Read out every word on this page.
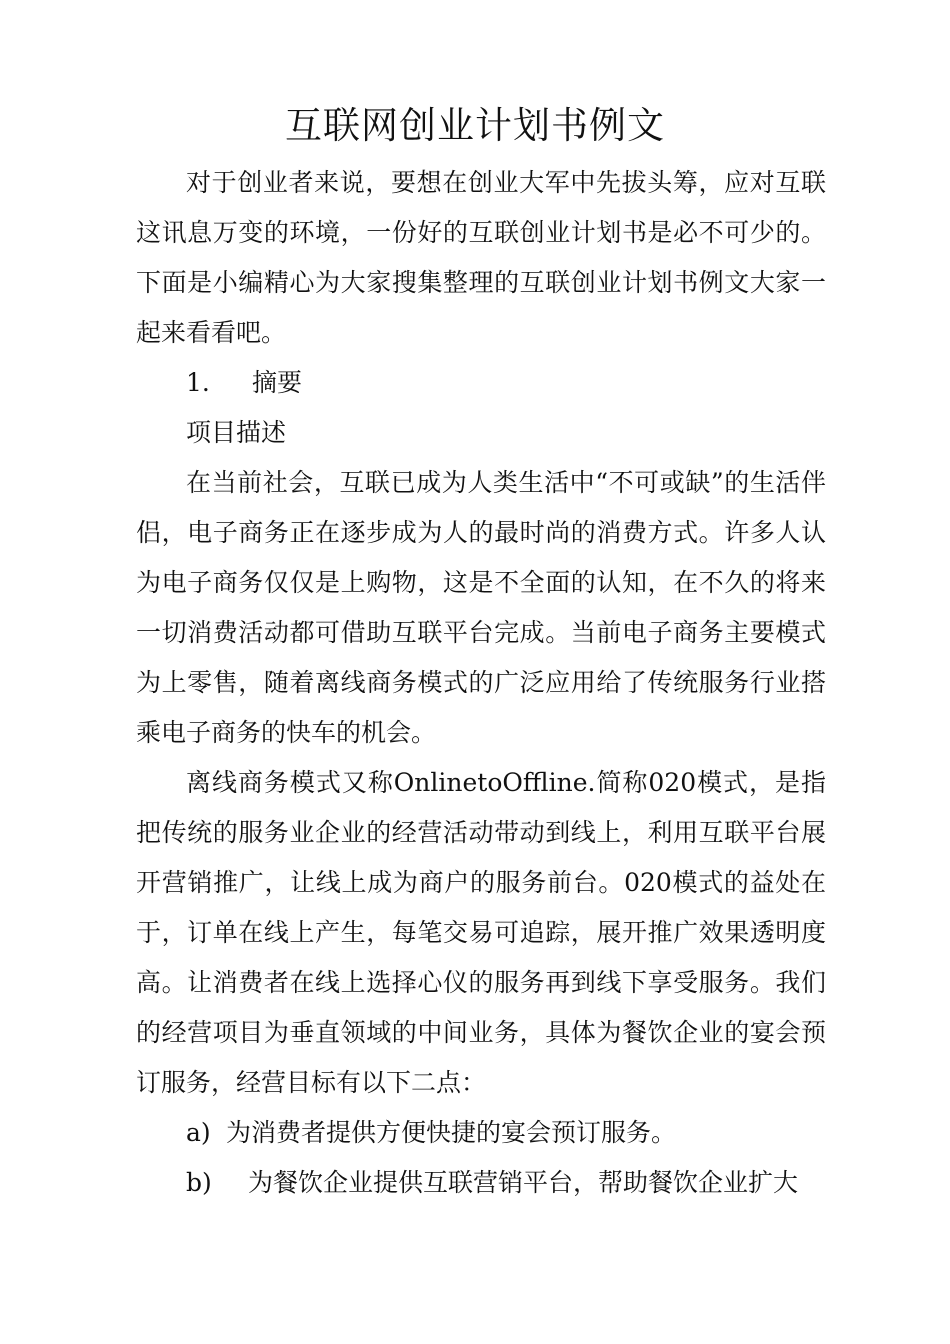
互联网创业计划书例文

对于创业者来说，要想在创业大军中先拔头筹，应对互联这讯息万变的环境，一份好的互联创业计划书是必不可少的。下面是小编精心为大家搜集整理的互联创业计划书例文大家一起来看看吧。

1. 摘要

项目描述

在当前社会，互联已成为人类生活中“不可或缺”的生活伴侣，电子商务正在逐步成为人的最时尚的消费方式。许多人认为电子商务仅仅是上购物，这是不全面的认知，在不久的将来一切消费活动都可借助互联平台完成。当前电子商务主要模式为上零售，随着离线商务模式的广泛应用给了传统服务行业搭乘电子商务的快车的机会。

离线商务模式又称OnlinetoOffline.简称020模式，是指把传统的服务业企业的经营活动带动到线上，利用互联平台展开营销推广，让线上成为商户的服务前台。020模式的益处在于，订单在线上产生，每笔交易可追踪，展开推广效果透明度高。让消费者在线上选择心仪的服务再到线下享受服务。我们的经营项目为垂直领域的中间业务，具体为餐饮企业的宴会预订服务，经营目标有以下二点：

a) 为消费者提供方便快捷的宴会预订服务。

b) 为餐饮企业提供互联营销平台，帮助餐饮企业扩大
